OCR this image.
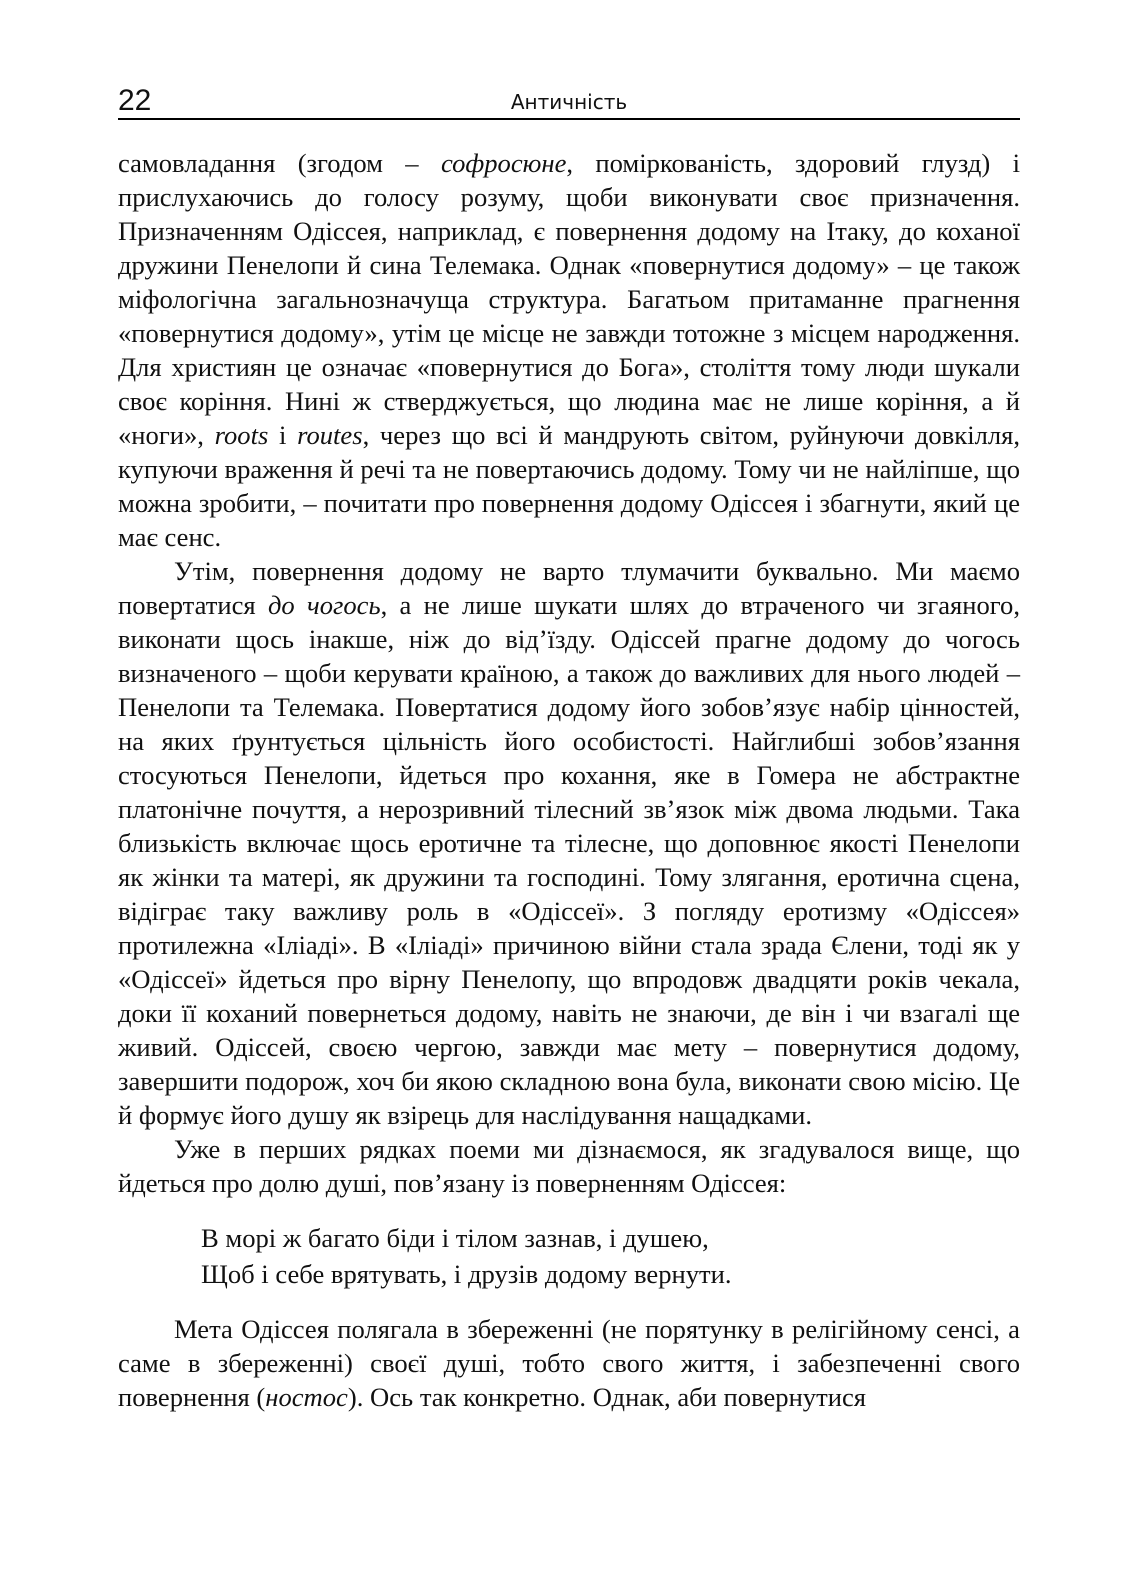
22	Античність

самовладання (згодом – софросюне, поміркованість, здоровий глузд) і прислухаючись до голосу розуму, щоби виконувати своє призначення. Призначенням Одіссея, наприклад, є повернення додому на Ітаку, до коханої дружини Пенелопи й сина Телемака. Однак «повернутися додому» – це також міфологічна загальнозначуща структура. Багатьом притаманне прагнення «повернутися додому», утім це місце не завжди тотожне з місцем народження. Для християн це означає «повернутися до Бога», століття тому люди шукали своє коріння. Нині ж стверджується, що людина має не лише коріння, а й «ноги», roots і routes, через що всі й мандрують світом, руйнуючи довкілля, купуючи враження й речі та не повертаючись додому. Тому чи не найліпше, що можна зробити, – почитати про повернення додому Одіссея і збагнути, який це має сенс.

Утім, повернення додому не варто тлумачити буквально. Ми маємо повертатися до чогось, а не лише шукати шлях до втраченого чи згаяного, виконати щось інакше, ніж до від’їзду. Одіссей прагне додому до чогось визначеного – щоби керувати країною, а також до важливих для нього людей – Пенелопи та Телемака. Повертатися додому його зобов’язує набір цінностей, на яких ґрунтується цільність його особистості. Найглибші зобов’язання стосуються Пенелопи, йдеться про кохання, яке в Гомера не абстрактне платонічне почуття, а нерозривний тілесний зв’язок між двома людьми. Така близькість включає щось еротичне та тілесне, що доповнює якості Пенелопи як жінки та матері, як дружини та господині. Тому злягання, еротична сцена, відіграє таку важливу роль в «Одіссеї». З погляду еротизму «Одіссея» протилежна «Іліаді». В «Іліаді» причиною війни стала зрада Єлени, тоді як у «Одіссеї» йдеться про вірну Пенелопу, що впродовж двадцяти років чекала, доки її коханий повернеться додому, навіть не знаючи, де він і чи взагалі ще живий. Одіссей, своєю чергою, завжди має мету – повернутися додому, завершити подорож, хоч би якою складною вона була, виконати свою місію. Це й формує його душу як взірець для наслідування нащадками.

Уже в перших рядках поеми ми дізнаємося, як згадувалося вище, що йдеться про долю душі, пов’язану із поверненням Одіссея:

В морі ж багато біди і тілом зазнав, і душею,

Щоб і себе врятувать, і друзів додому вернути.

Мета Одіссея полягала в збереженні (не порятунку в релігійному сенсі, а саме в збереженні) своєї душі, тобто свого життя, і забезпеченні свого повернення (ностос). Ось так конкретно. Однак, аби повернутися
